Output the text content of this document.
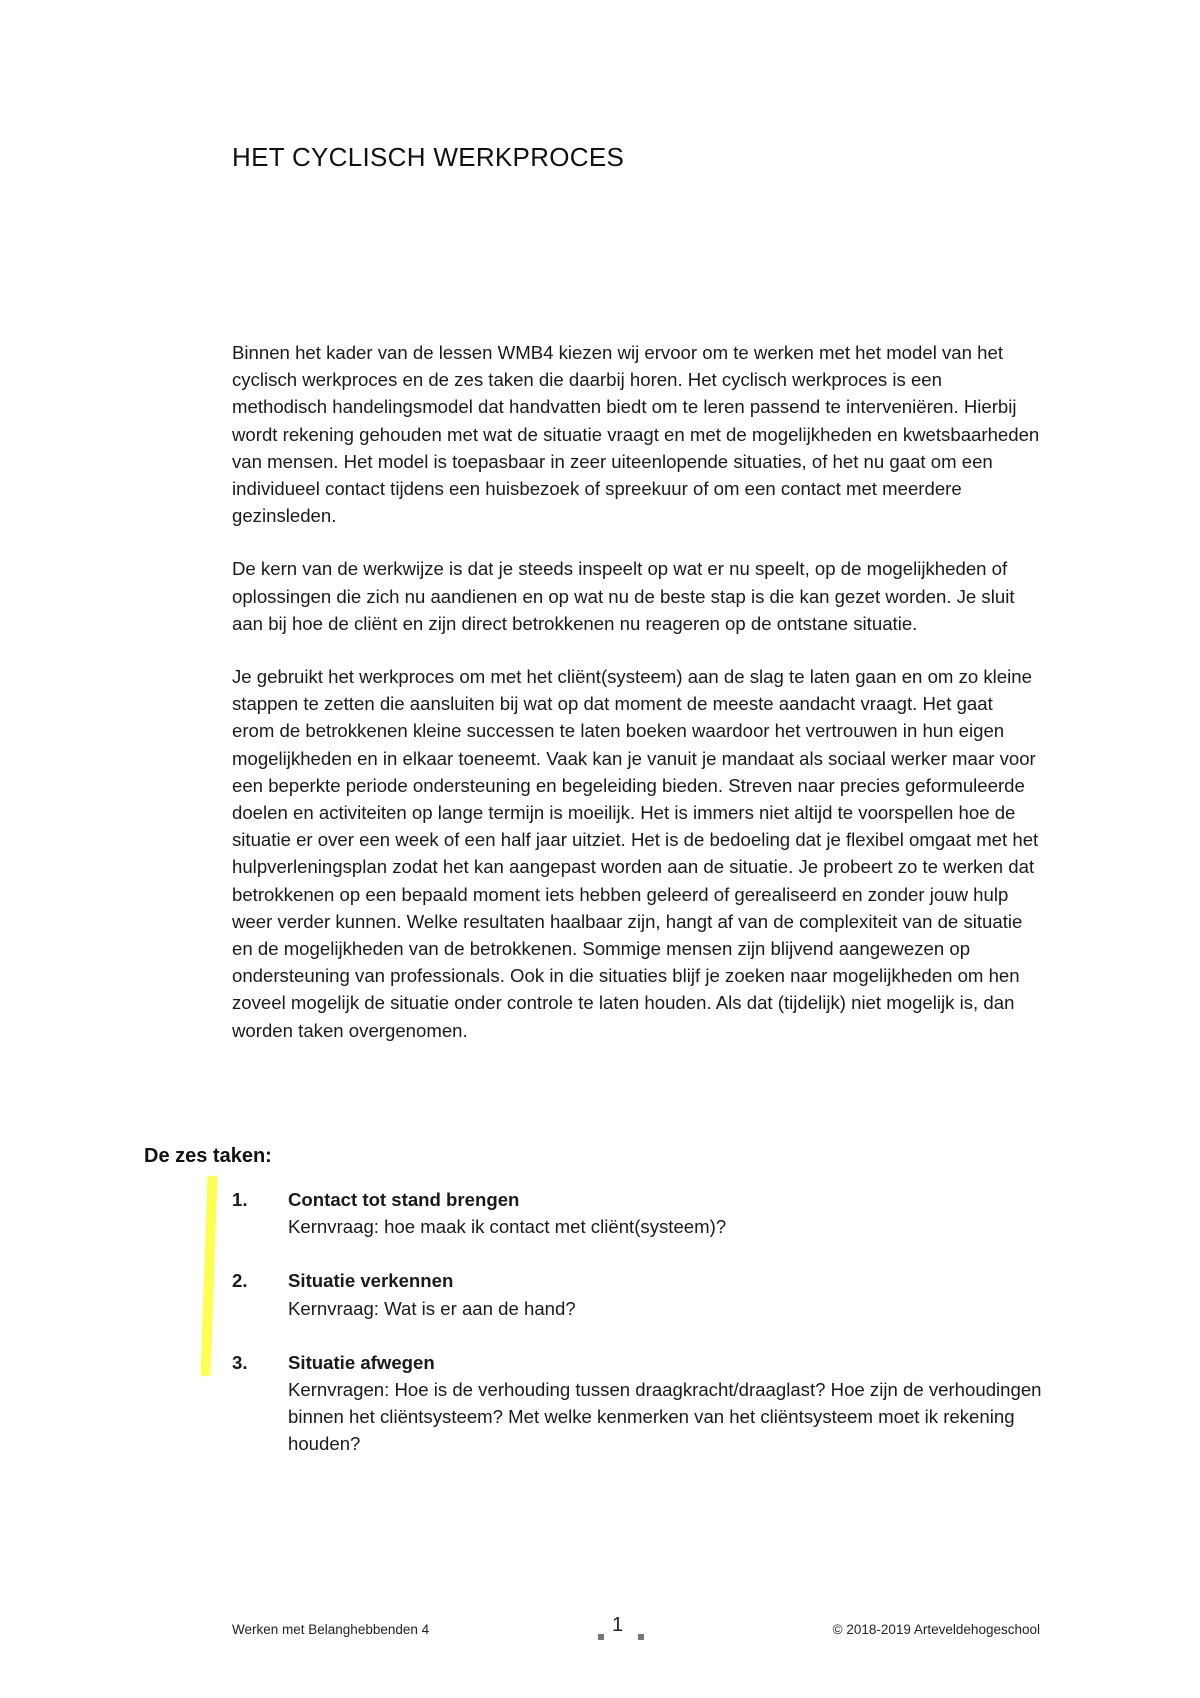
HET CYCLISCH WERKPROCES

Binnen het kader van de lessen WMB4 kiezen wij ervoor om te werken met het model van het cyclisch werkproces en de zes taken die daarbij horen. Het cyclisch werkproces is een methodisch handelingsmodel dat handvatten biedt om te leren passend te interveniëren. Hierbij wordt rekening gehouden met wat de situatie vraagt en met de mogelijkheden en kwetsbaarheden van mensen. Het model is toepasbaar in zeer uiteenlopende situaties, of het nu gaat om een individueel contact tijdens een huisbezoek of spreekuur of om een contact met meerdere gezinsleden.

De kern van de werkwijze is dat je steeds inspeelt op wat er nu speelt, op de mogelijkheden of oplossingen die zich nu aandienen en op wat nu de beste stap is die kan gezet worden. Je sluit aan bij hoe de cliënt en zijn direct betrokkenen nu reageren op de ontstane situatie.

Je gebruikt het werkproces om met het cliënt(systeem) aan de slag te laten gaan en om zo kleine stappen te zetten die aansluiten bij wat op dat moment de meeste aandacht vraagt. Het gaat erom de betrokkenen kleine successen te laten boeken waardoor het vertrouwen in hun eigen mogelijkheden en in elkaar toeneemt. Vaak kan je vanuit je mandaat als sociaal werker maar voor een beperkte periode ondersteuning en begeleiding bieden. Streven naar precies geformuleerde doelen en activiteiten op lange termijn is moeilijk. Het is immers niet altijd te voorspellen hoe de situatie er over een week of een half jaar uitziet. Het is de bedoeling dat je flexibel omgaat met het hulpverleningsplan zodat het kan aangepast worden aan de situatie. Je probeert zo te werken dat betrokkenen op een bepaald moment iets hebben geleerd of gerealiseerd en zonder jouw hulp weer verder kunnen. Welke resultaten haalbaar zijn, hangt af van de complexiteit van de situatie en de mogelijkheden van de betrokkenen. Sommige mensen zijn blijvend aangewezen op ondersteuning van professionals. Ook in die situaties blijf je zoeken naar mogelijkheden om hen zoveel mogelijk de situatie onder controle te laten houden. Als dat (tijdelijk) niet mogelijk is, dan worden taken overgenomen.

De zes taken:
1. Contact tot stand brengen
Kernvraag: hoe maak ik contact met cliënt(systeem)?
2. Situatie verkennen
Kernvraag: Wat is er aan de hand?
3. Situatie afwegen
Kernvragen: Hoe is de verhouding tussen draagkracht/draaglast? Hoe zijn de verhoudingen binnen het cliëntsysteem? Met welke kenmerken van het cliëntsysteem moet ik rekening houden?
Werken met Belanghebbenden 4	1	© 2018-2019 Arteveldehogeschool
